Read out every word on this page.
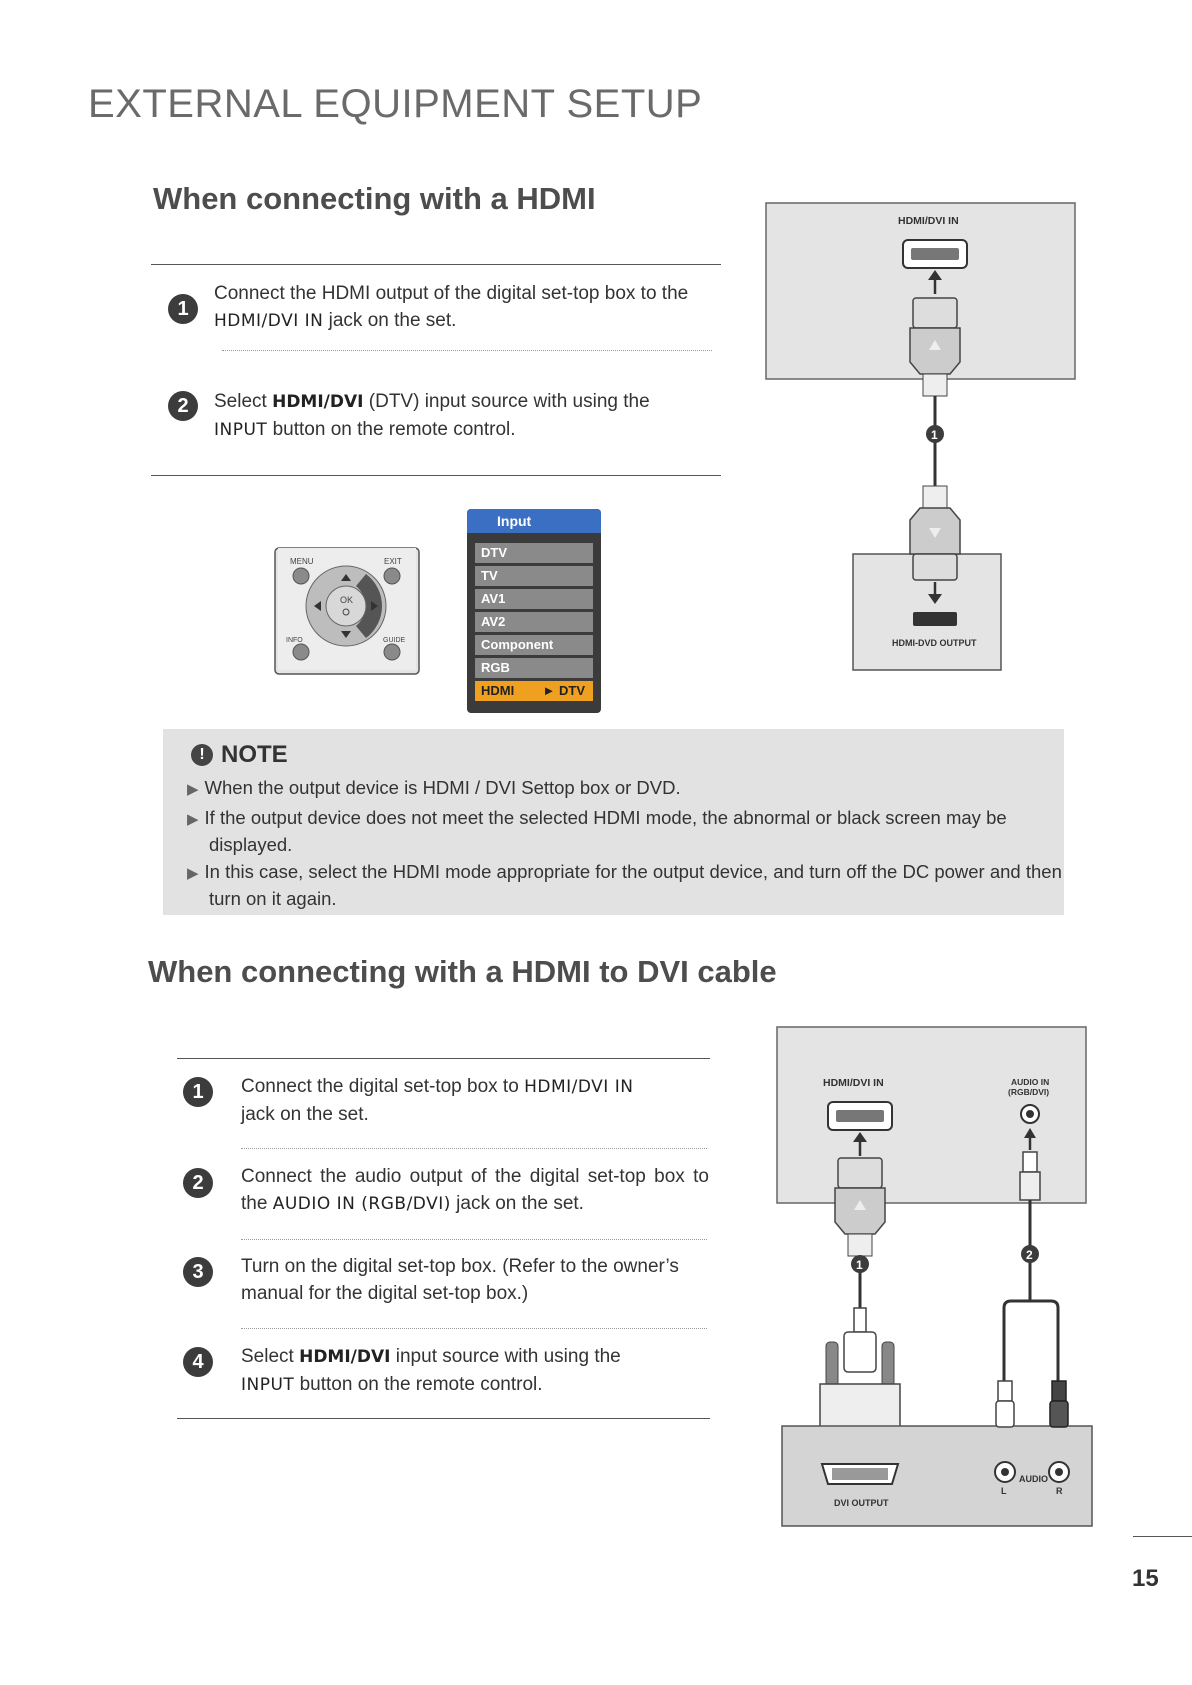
EXTERNAL EQUIPMENT SETUP
When connecting with a HDMI
1
Connect the HDMI output of the digital set-top box to the
HDMI/DVI IN jack on the set.
2	Select HDMI/DVI (DTV) input source with using the
INPUT button on the remote control.
MENU	EXIT
OK
INFO	GUIDE
Input
DTV
TV
AV1
AV2
Component
RGB
HDMI ► DTV
HDMI/DVI IN
1
HDMI-DVD OUTPUT
! NOTE
▶ When the output device is HDMI / DVI Settop box or DVD.
▶ If the output device does not meet the selected HDMI mode, the abnormal or black screen may be displayed.
▶ In this case, select the HDMI mode appropriate for the output device, and turn off the DC power and then turn on it again.
When connecting with a HDMI to DVI cable
1	Connect the digital set-top box to HDMI/DVI IN
jack on the set.
2	Connect the audio output of the digital set-top box to the AUDIO IN (RGB/DVI) jack on the set.
3	Turn on the digital set-top box. (Refer to the owner’s manual for the digital set-top box.)
4	Select HDMI/DVI input source with using the
INPUT button on the remote control.
HDMI/DVI IN	AUDIO IN
(RGB/DVI)
1
2
DVI OUTPUT
AUDIO
L	R
15
